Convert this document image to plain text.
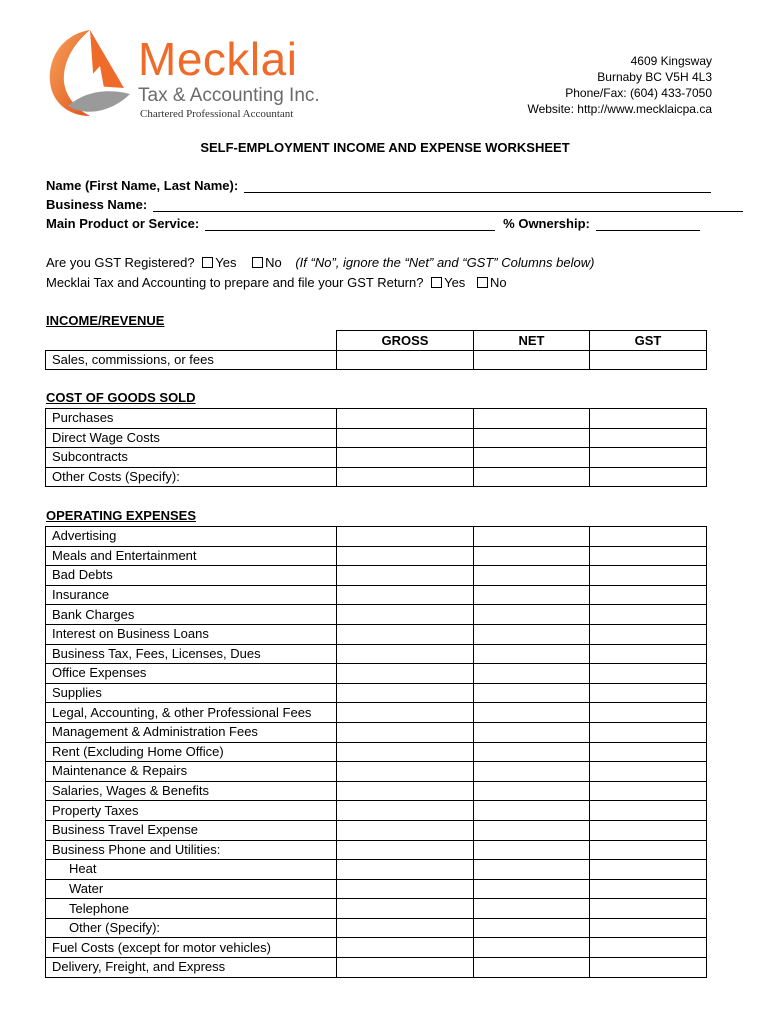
Mecklai
Tax & Accounting Inc.
Chartered Professional Accountant
4609 Kingsway
Burnaby BC V5H 4L3
Phone/Fax: (604) 433-7050
Website: http://www.mecklaicpa.ca
SELF-EMPLOYMENT INCOME AND EXPENSE WORKSHEET
Name (First Name, Last Name):
Business Name:
Main Product or Service:	% Ownership:
Are you GST Registered? Yes No (If “No”, ignore the “Net” and “GST” Columns below)
Mecklai Tax and Accounting to prepare and file your GST Return? Yes No
INCOME/REVENUE
	GROSS	NET	GST
Sales, commissions, or fees			
COST OF GOODS SOLD
Purchases			
Direct Wage Costs			
Subcontracts			
Other Costs (Specify):			
OPERATING EXPENSES
Advertising			
Meals and Entertainment			
Bad Debts			
Insurance			
Bank Charges			
Interest on Business Loans			
Business Tax, Fees, Licenses, Dues			
Office Expenses			
Supplies			
Legal, Accounting, & other Professional Fees			
Management & Administration Fees			
Rent (Excluding Home Office)			
Maintenance & Repairs			
Salaries, Wages & Benefits			
Property Taxes			
Business Travel Expense			
Business Phone and Utilities:			
Heat			
Water			
Telephone			
Other (Specify):			
Fuel Costs (except for motor vehicles)			
Delivery, Freight, and Express			
